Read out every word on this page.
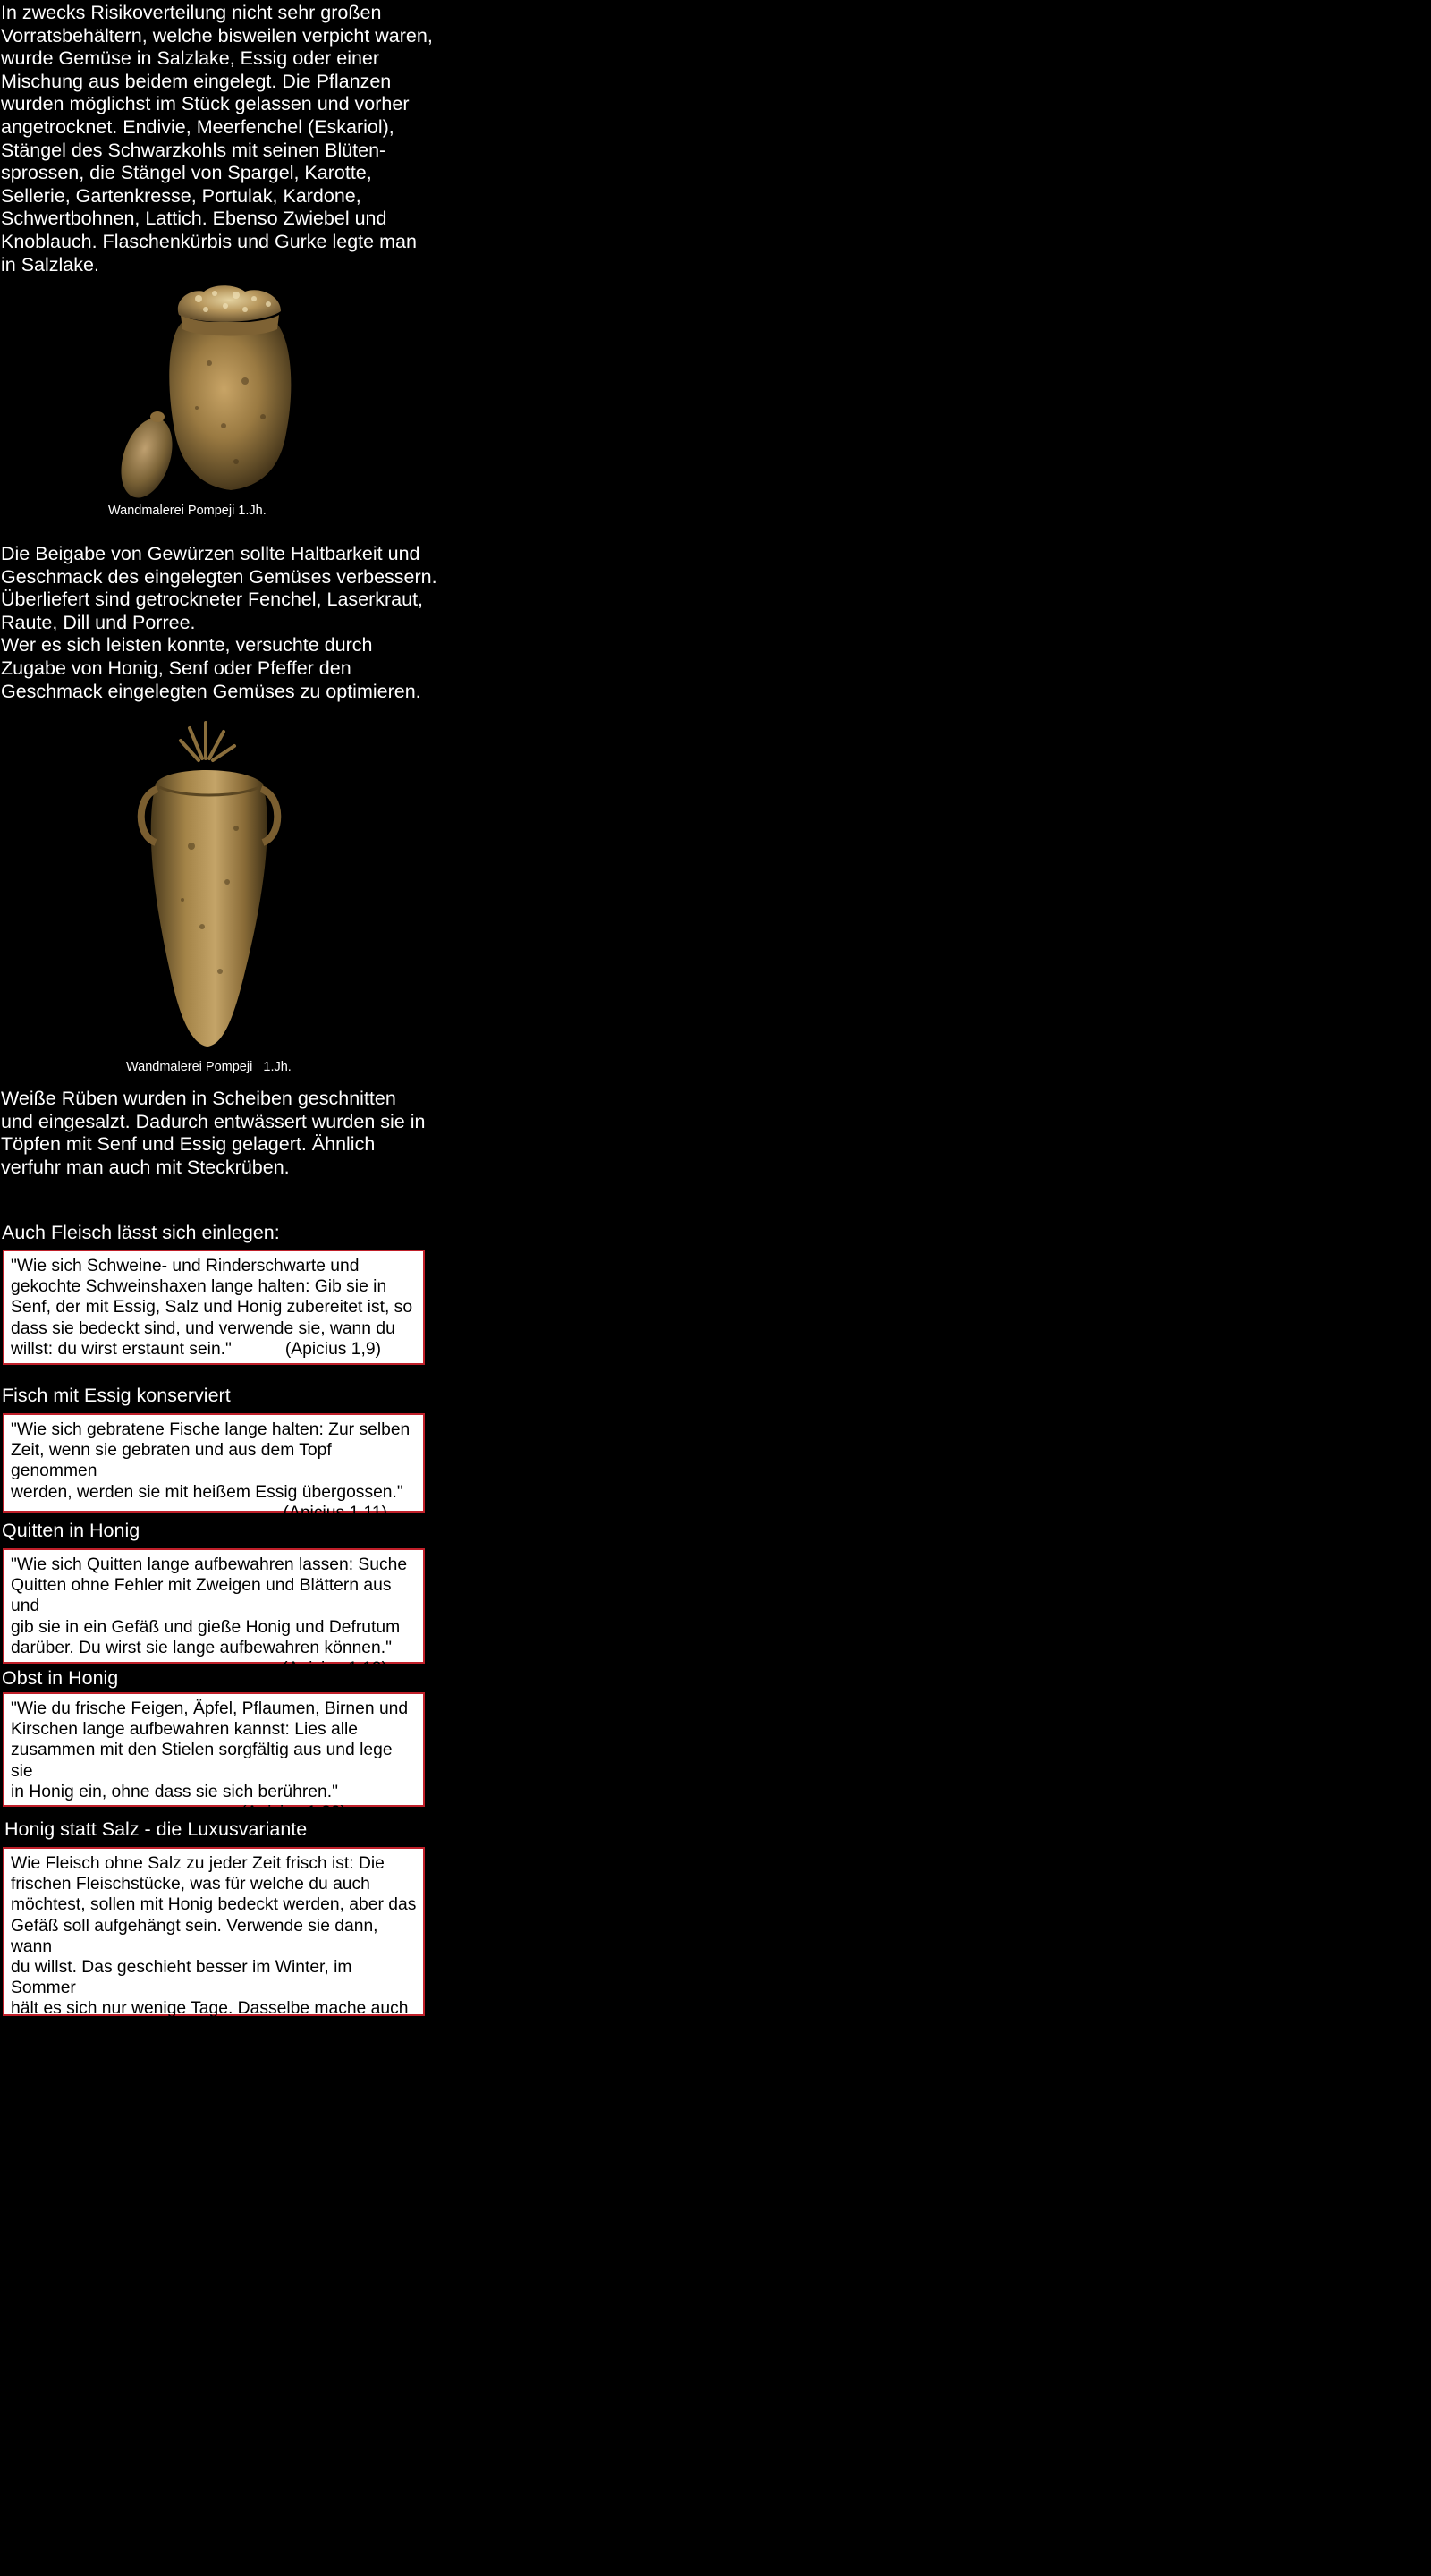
In zwecks Risikoverteilung nicht sehr großen
Vorratsbehältern, welche bisweilen verpicht waren,
wurde Gemüse in Salzlake, Essig oder einer
Mischung aus beidem eingelegt. Die Pflanzen
wurden möglichst im Stück gelassen und vorher
angetrocknet. Endivie, Meerfenchel (Eskariol),
Stängel des Schwarzkohls mit seinen Blüten-
sprossen, die Stängel von Spargel, Karotte,
Sellerie, Gartenkresse, Portulak, Kardone,
Schwertbohnen, Lattich. Ebenso Zwiebel und
Knoblauch. Flaschenkürbis und Gurke legte man
in Salzlake.

Wandmalerei Pompeji 1.Jh.

Die Beigabe von Gewürzen sollte Haltbarkeit und
Geschmack des eingelegten Gemüses verbessern.
Überliefert sind getrockneter Fenchel, Laserkraut,
Raute, Dill und Porree.
Wer es sich leisten konnte, versuchte durch
Zugabe von Honig, Senf oder Pfeffer den
Geschmack eingelegten Gemüses zu optimieren.

Wandmalerei Pompeji   1.Jh.

Weiße Rüben wurden in Scheiben geschnitten
und eingesalzt. Dadurch entwässert wurden sie in
Töpfen mit Senf und Essig gelagert. Ähnlich
verfuhr man auch mit Steckrüben.

Auch Fleisch lässt sich einlegen:
"Wie sich Schweine- und Rinderschwarte und
gekochte Schweinshaxen lange halten: Gib sie in
Senf, der mit Essig, Salz und Honig zubereitet ist, so
dass sie bedeckt sind, und verwende sie, wann du
willst: du wirst erstaunt sein."	(Apicius 1,9)
Fisch mit Essig konserviert
"Wie sich gebratene Fische lange halten: Zur selben
Zeit, wenn sie gebraten und aus dem Topf genommen
werden, werden sie mit heißem Essig übergossen."
(Apicius 1,11)
Quitten in Honig
"Wie sich Quitten lange aufbewahren lassen: Suche
Quitten ohne Fehler mit Zweigen und Blättern aus und
gib sie in ein Gefäß und gieße Honig und Defrutum
darüber. Du wirst sie lange aufbewahren können."
(Apicius 1,19)
Obst in Honig
"Wie du frische Feigen, Äpfel, Pflaumen, Birnen und
Kirschen lange aufbewahren kannst: Lies alle
zusammen mit den Stielen sorgfältig aus und lege sie
in Honig ein, ohne dass sie sich berühren."
(Apicius 1,20)
Honig statt Salz - die Luxusvariante
Wie Fleisch ohne Salz zu jeder Zeit frisch ist: Die
frischen Fleischstücke, was für welche du auch
möchtest, sollen mit Honig bedeckt werden, aber das
Gefäß soll aufgehängt sein. Verwende sie dann, wann
du willst. Das geschieht besser im Winter, im Sommer
hält es sich nur wenige Tage. Dasselbe mache auch
bei gekochtem Fleisch.	(Apicius 1,8)
